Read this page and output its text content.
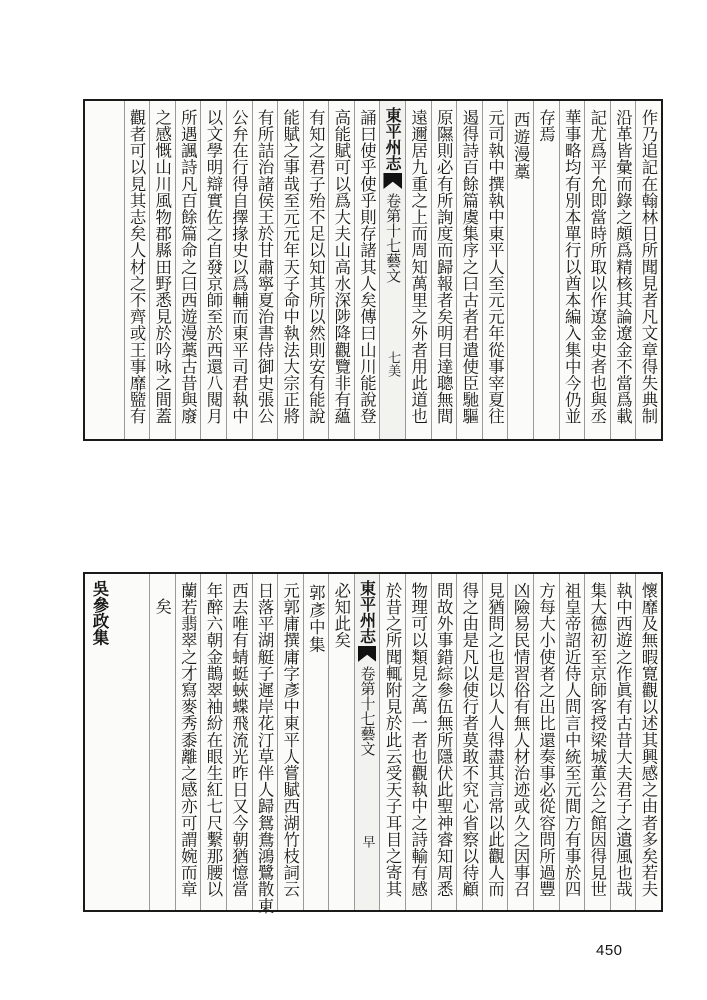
作乃追記在翰林日所聞見者凡文章得失典制
沿革皆彙而錄之頗爲精核其論遼金不當爲載
記尤爲平允即當時所取以作遼金史者也與丞
華事略均有別本單行以酋本編入集中今仍並
存焉
西遊漫藁
元司執中撰執中東平人至元元年從事宰夏往
遏得詩百餘篇虞集序之曰古者君遣使臣馳驅
原隰則必有所詢度而歸報者矣明目達聰無間
遠邇居九重之上而周知萬里之外者用此道也
東平州志
卷第十七藝文
七美
誦曰使乎使乎則存諸其人矣傳曰山川能說登
高能賦可以爲大夫山高水深陟降觀覽非有蘊
有知之君子殆不足以知其所以然則安有能說
能賦之事哉至元元年天子命中執法大宗正將
有所詰治諸侯王於甘肅寧夏治書侍御史張公
公弁在行得自擇掾史以爲輔而東平司君執中
以文學明辯實佐之自發京師至於西還八閱月
所遇諷詩凡百餘篇命之曰西遊漫藁古昔與廢
之感慨山川風物郡縣田野悉見於吟咏之間蓋
觀者可以見其志矣人材之不齊或王事靡盬有
懷靡及無暇寛觀以述其興感之由者多矣若夫
執中西遊之作眞有古昔大夫君子之遺風也哉
集大德初至京師客授梁城董公之館因得見世
祖皇帝詔近侍人問言中統至元間方有事於四
方每大小使者之出比還奏事必從容問所過豐
凶險易民情習俗有無人材治迹或久之因事召
見猶問之也是以人人得盡其言常以此觀人而
得之由是凡以使行者莫敢不究心省察以待顧
問故外事錯綜參伍無所隱伏此聖神睿知周悉
物理可以類見之萬一者也觀執中之詩輸有感
於昔之所聞輒附見於此云受天子耳目之寄其
東平州志
卷第十七藝文
早
必知此矣
郭彥中集
元郭庸撰庸字彥中東平人嘗賦西湖竹枝詞云
日落平湖艇子遲岸花汀草伴人歸鴛鴦鴻鷺散東
西去唯有蜻蜓蛺蝶飛流光昨日又今朝猶憶當
年醉六朝金鵲翠袖紛在眼生紅七尺繫那腰以
蘭若翡翠之才寫麥秀黍離之感亦可謂婉而章
矣
吳參政集
450
